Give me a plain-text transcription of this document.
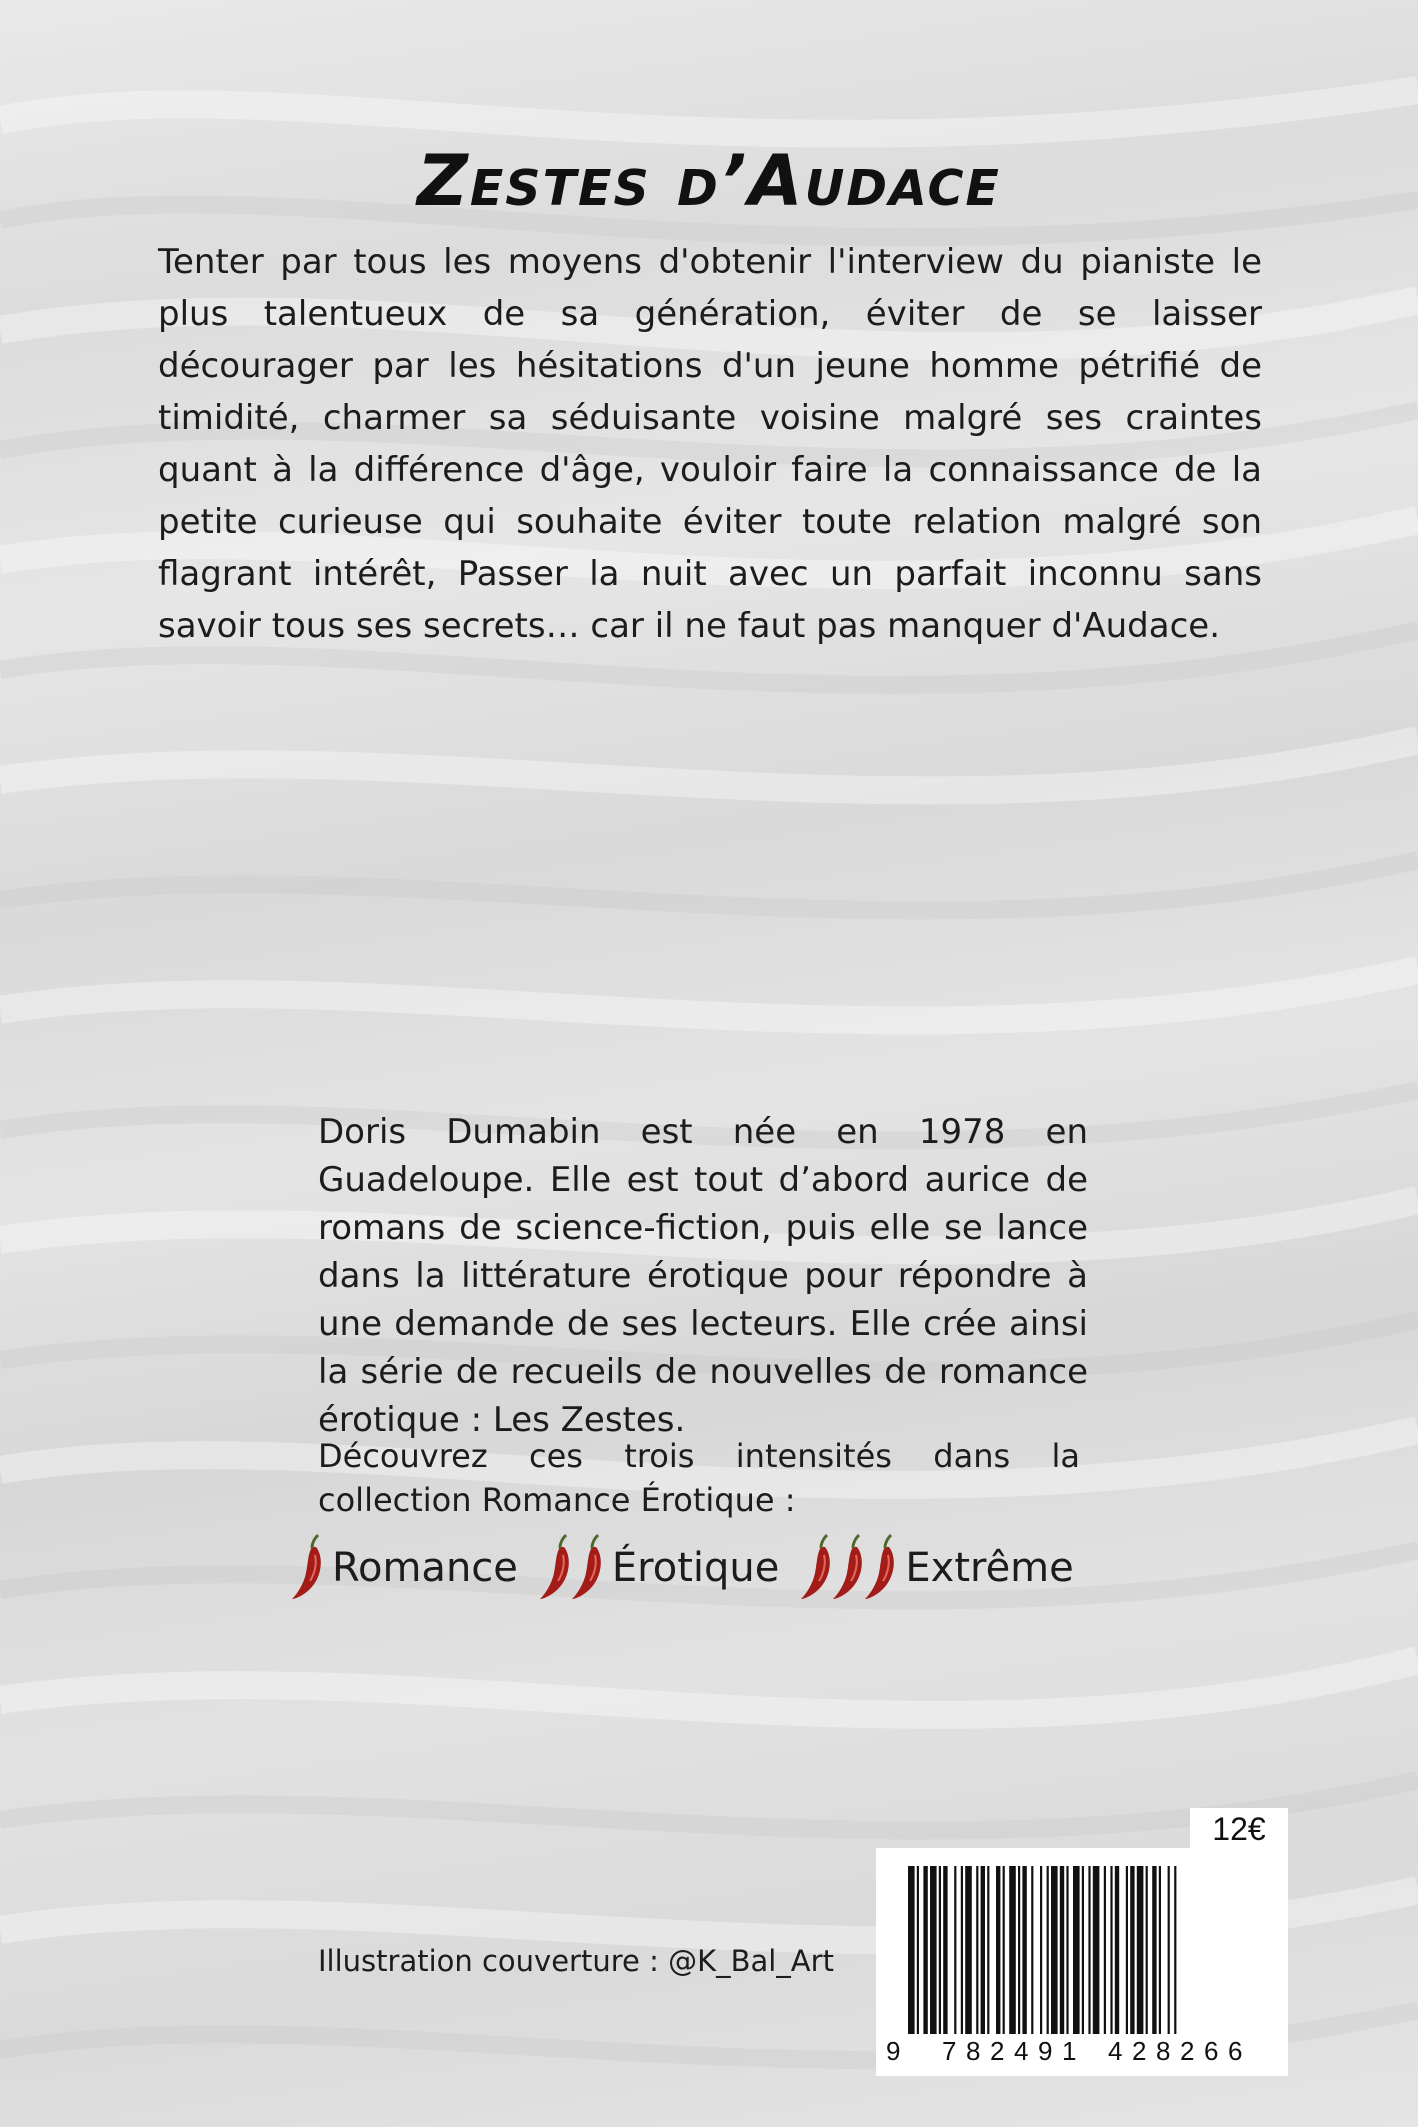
Zestes d’Audace

Tenter par tous les moyens d'obtenir l'interview du pianiste le plus talentueux de sa génération, éviter de se laisser décourager par les hésitations d'un jeune homme pétrifié de timidité, charmer sa séduisante voisine malgré ses craintes quant à la différence d'âge, vouloir faire la connaissance de la petite curieuse qui souhaite éviter toute relation malgré son flagrant intérêt, Passer la nuit avec un parfait inconnu sans savoir tous ses secrets… car il ne faut pas manquer d'Audace.

Doris Dumabin est née en 1978 en Guadeloupe. Elle est tout d’abord aurice de romans de science-fiction, puis elle se lance dans la littérature érotique pour répondre à une demande de ses lecteurs. Elle crée ainsi la série de recueils de nouvelles de romance érotique : Les Zestes.

Découvrez ces trois intensités dans la collection Romance Érotique :

Romance Érotique	Extrême
Illustration couverture : @K_Bal_Art
12€
9 7 8 2 4 9 1 4 2 8 2 6 6
